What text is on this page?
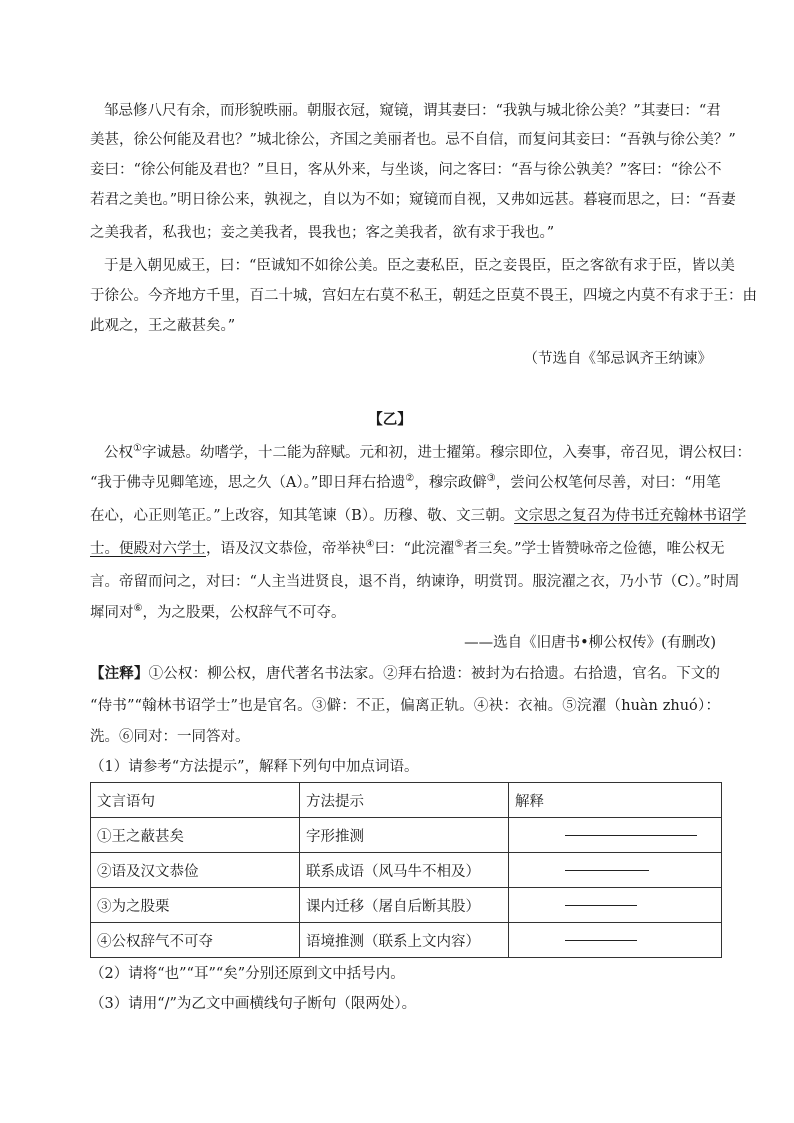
邹忌修八尺有余，而形貌昳丽。朝服衣冠，窥镜，谓其妻曰：“我孰与城北徐公美？”其妻曰：“君
美甚，徐公何能及君也？”城北徐公，齐国之美丽者也。忌不自信，而复问其妾曰：“吾孰与徐公美？”
妾曰：“徐公何能及君也？”旦日，客从外来，与坐谈，问之客曰：“吾与徐公孰美？”客曰：“徐公不
若君之美也。”明日徐公来，孰视之，自以为不如；窥镜而自视，又弗如远甚。暮寝而思之，曰：“吾妻
之美我者，私我也；妾之美我者，畏我也；客之美我者，欲有求于我也。”
于是入朝见威王，曰：“臣诚知不如徐公美。臣之妻私臣，臣之妾畏臣，臣之客欲有求于臣，皆以美
于徐公。今齐地方千里，百二十城，宫妇左右莫不私王，朝廷之臣莫不畏王，四境之内莫不有求于王：由
此观之，王之蔽甚矣。”
（节选自《邹忌讽齐王纳谏》
【乙】
公权①字诚悬。幼嗜学，十二能为辞赋。元和初，进士擢第。穆宗即位，入奏事，帝召见，谓公权曰：
“我于佛寺见卿笔迹，思之久（A）。”即日拜右拾遗②，穆宗政僻③，尝问公权笔何尽善，对曰：“用笔
在心，心正则笔正。”上改容，知其笔谏（B）。历穆、敬、文三朝。文宗思之复召为侍书迁充翰林书诏学
士。便殿对六学士，语及汉文恭俭，帝举袂④曰：“此浣濯⑤者三矣。”学士皆赞咏帝之俭德，唯公权无
言。帝留而问之，对曰：“人主当进贤良，退不肖，纳谏诤，明赏罚。服浣濯之衣，乃小节（C）。”时周
墀同对⑥，为之股栗，公权辞气不可夺。
——选自《旧唐书•柳公权传》(有删改)
【注释】①公权：柳公权，唐代著名书法家。②拜右拾遗：被封为右拾遗。右拾遗，官名。下文的
“侍书”“翰林书诏学士”也是官名。③僻：不正，偏离正轨。④袂：衣袖。⑤浣濯（huàn zhuó）：
洗。⑥同对：一同答对。
（1）请参考“方法提示”，解释下列句中加点词语。
文言语句	方法提示	解释
①王之蔽甚矣	字形推测	
②语及汉文恭俭	联系成语（风马牛不相及）	
③为之股栗	课内迁移（屠自后断其股）	
④公权辞气不可夺	语境推测（联系上文内容）	
（2）请将“也”“耳”“矣”分别还原到文中括号内。
（3）请用“/”为乙文中画横线句子断句（限两处）。
